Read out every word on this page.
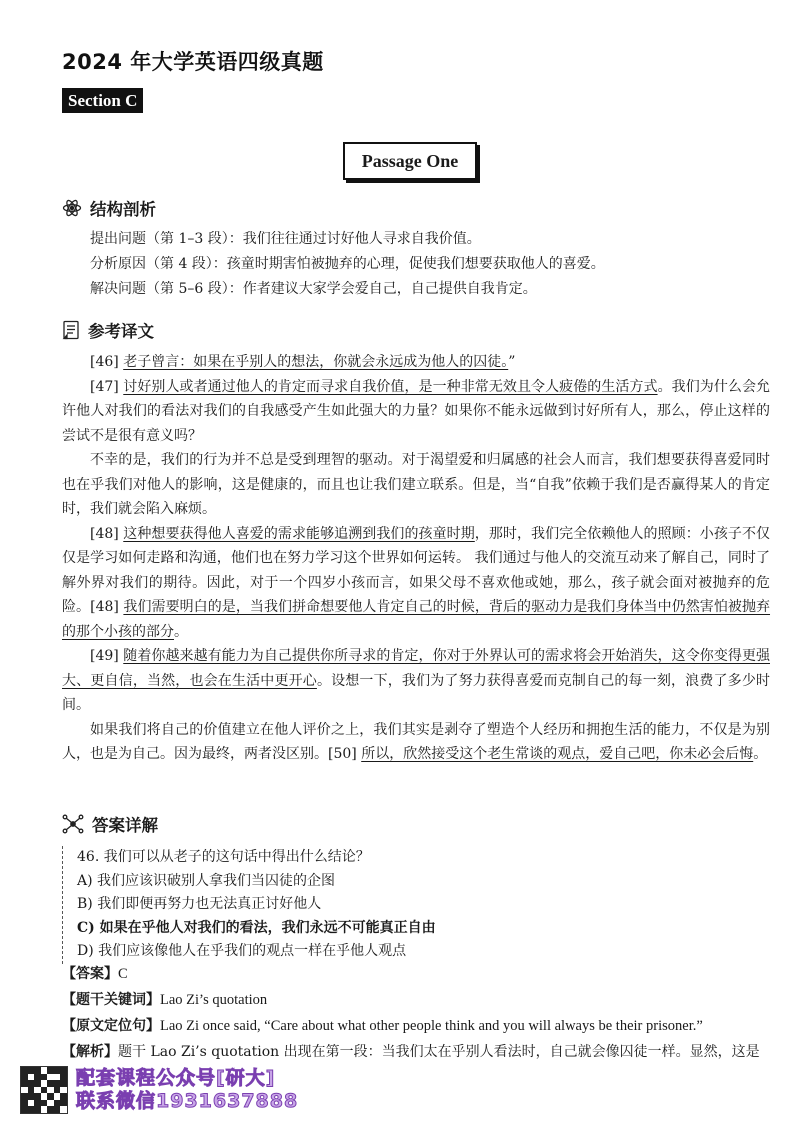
2024 年大学英语四级真题
Section C
Passage One
结构剖析
提出问题（第 1–3 段）：我们往往通过讨好他人寻求自我价值。
分析原因（第 4 段）：孩童时期害怕被抛弃的心理，促使我们想要获取他人的喜爱。
解决问题（第 5–6 段）：作者建议大家学会爱自己，自己提供自我肯定。
参考译文

[46] 老子曾言：如果在乎别人的想法，你就会永远成为他人的囚徒。”

[47] 讨好别人或者通过他人的肯定而寻求自我价值，是一种非常无效且令人疲倦的生活方式。我们为什么会允许他人对我们的看法对我们的自我感受产生如此强大的力量？如果你不能永远做到讨好所有人，那么，停止这样的尝试不是很有意义吗？

不幸的是，我们的行为并不总是受到理智的驱动。对于渴望爱和归属感的社会人而言，我们想要获得喜爱同时也在乎我们对他人的影响，这是健康的，而且也让我们建立联系。但是，当“自我”依赖于我们是否赢得某人的肯定时，我们就会陷入麻烦。

[48] 这种想要获得他人喜爱的需求能够追溯到我们的孩童时期，那时，我们完全依赖他人的照顾：小孩子不仅仅是学习如何走路和沟通，他们也在努力学习这个世界如何运转。 我们通过与他人的交流互动来了解自己，同时了解外界对我们的期待。因此，对于一个四岁小孩而言，如果父母不喜欢他或她，那么，孩子就会面对被抛弃的危险。[48] 我们需要明白的是，当我们拼命想要他人肯定自己的时候，背后的驱动力是我们身体当中仍然害怕被抛弃的那个小孩的部分。

[49] 随着你越来越有能力为自己提供你所寻求的肯定，你对于外界认可的需求将会开始消失，这令你变得更强大、更自信，当然，也会在生活中更开心。设想一下，我们为了努力获得喜爱而克制自己的每一刻，浪费了多少时间。

如果我们将自己的价值建立在他人评价之上，我们其实是剥夺了塑造个人经历和拥抱生活的能力，不仅是为别人，也是为自己。因为最终，两者没区别。[50] 所以，欣然接受这个老生常谈的观点，爱自己吧，你未必会后悔。

答案详解
46. 我们可以从老子的这句话中得出什么结论？
A) 我们应该识破别人拿我们当囚徒的企图
B) 我们即便再努力也无法真正讨好他人
C) 如果在乎他人对我们的看法，我们永远不可能真正自由
D) 我们应该像他人在乎我们的观点一样在乎他人观点
【答案】C
【题干关键词】Lao Zi’s quotation
【原文定位句】Lao Zi once said, “Care about what other people think and you will always be their prisoner.”
【解析】题干 Lao Zi’s quotation 出现在第一段：当我们太在乎别人看法时，自己就会像囚徒一样。显然，这是
配套课程公众号[研大]
联系微信1931637888
